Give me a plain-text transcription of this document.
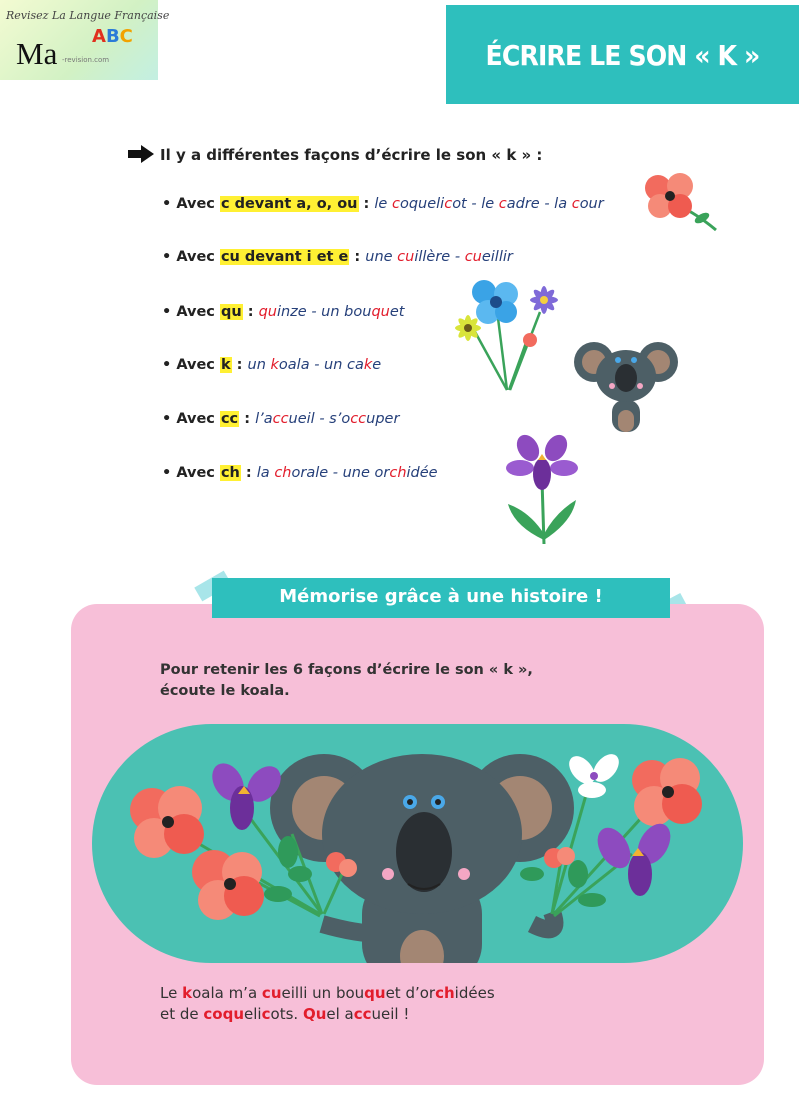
Revisez La Langue Française
Ma ABC
-revision.com	ÉCRIRE LE SON « K »
Il y a différentes façons d’écrire le son « k » :
• Avec c devant a, o, ou : le coquelicot - le cadre - la cour
• Avec cu devant i et e : une cuillère - cueillir
• Avec qu : quinze - un bouquet
• Avec k : un koala - un cake
• Avec cc : l’accueil - s’occuper
• Avec ch : la chorale - une orchidée
Mémorise grâce à une histoire !
Pour retenir les 6 façons d’écrire le son « k »,
écoute le koala.
Le koala m’a cueilli un bouquet d’orchidées
et de coquelicots. Quel accueil !
